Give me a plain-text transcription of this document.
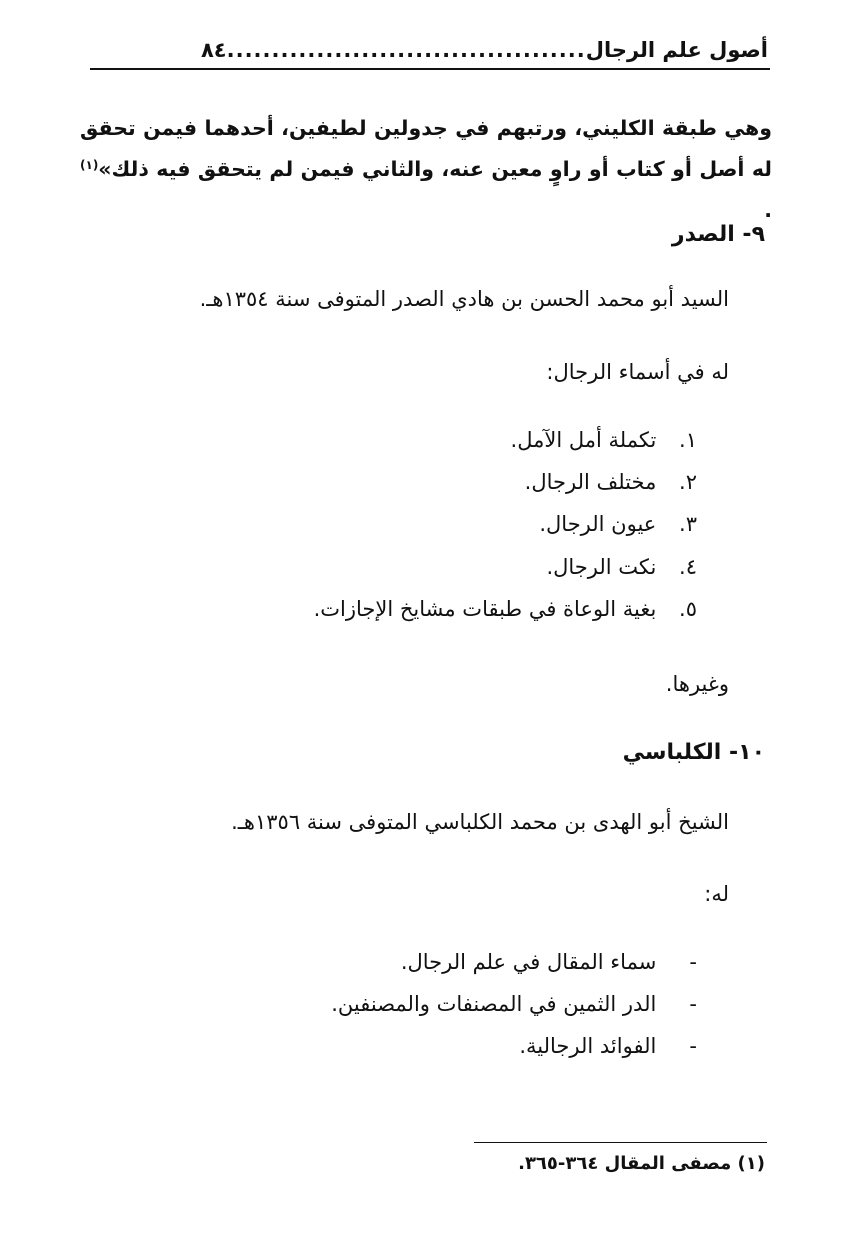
أصول علم الرجال
........................................
٨٤
وهي طبقة الكليني، ورتبهم في جدولين لطيفين، أحدهما فيمن تحقق له أصل أو كتاب أو راوٍ معين عنه، والثاني فيمن لم يتحقق فيه ذلك»$^{(١)}$ .
٩- الصدر
السيد أبو محمد الحسن بن هادي الصدر المتوفى سنة ١٣٥٤هـ.
له في أسماء الرجال:
١. تكملة أمل الآمل.
٢. مختلف الرجال.
٣. عيون الرجال.
٤. نكت الرجال.
٥. بغية الوعاة في طبقات مشايخ الإجازات.
وغيرها.
١٠- الكلباسي
الشيخ أبو الهدى بن محمد الكلباسي المتوفى سنة ١٣٥٦هـ.
له:
- سماء المقال في علم الرجال.
- الدر الثمين في المصنفات والمصنفين.
- الفوائد الرجالية.
(١) مصفى المقال ٣٦٤-٣٦٥.
